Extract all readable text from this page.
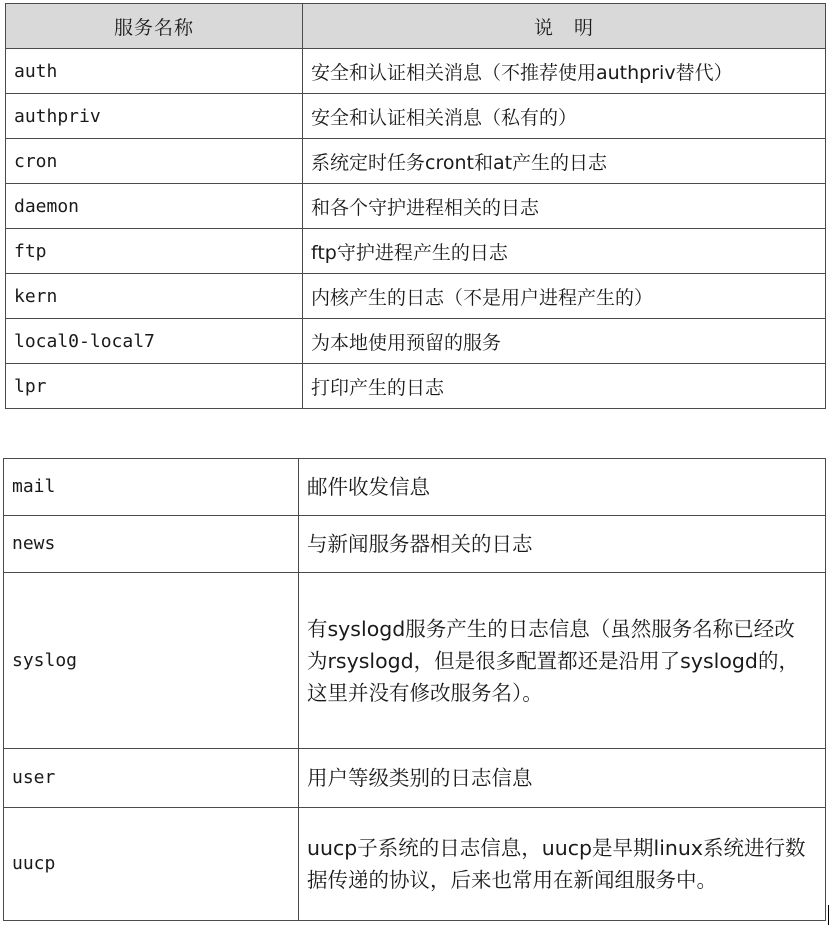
服务名称	说　明
auth	安全和认证相关消息（不推荐使用authpriv替代）
authpriv	安全和认证相关消息（私有的）
cron	系统定时任务cront和at产生的日志
daemon	和各个守护进程相关的日志
ftp	ftp守护进程产生的日志
kern	内核产生的日志（不是用户进程产生的）
local0-local7	为本地使用预留的服务
lpr	打印产生的日志
mail	邮件收发信息
news	与新闻服务器相关的日志
syslog	有syslogd服务产生的日志信息（虽然服务名称已经改为rsyslogd，但是很多配置都还是沿用了syslogd的，这里并没有修改服务名）。
user	用户等级类别的日志信息
uucp	uucp子系统的日志信息，uucp是早期linux系统进行数据传递的协议，后来也常用在新闻组服务中。
